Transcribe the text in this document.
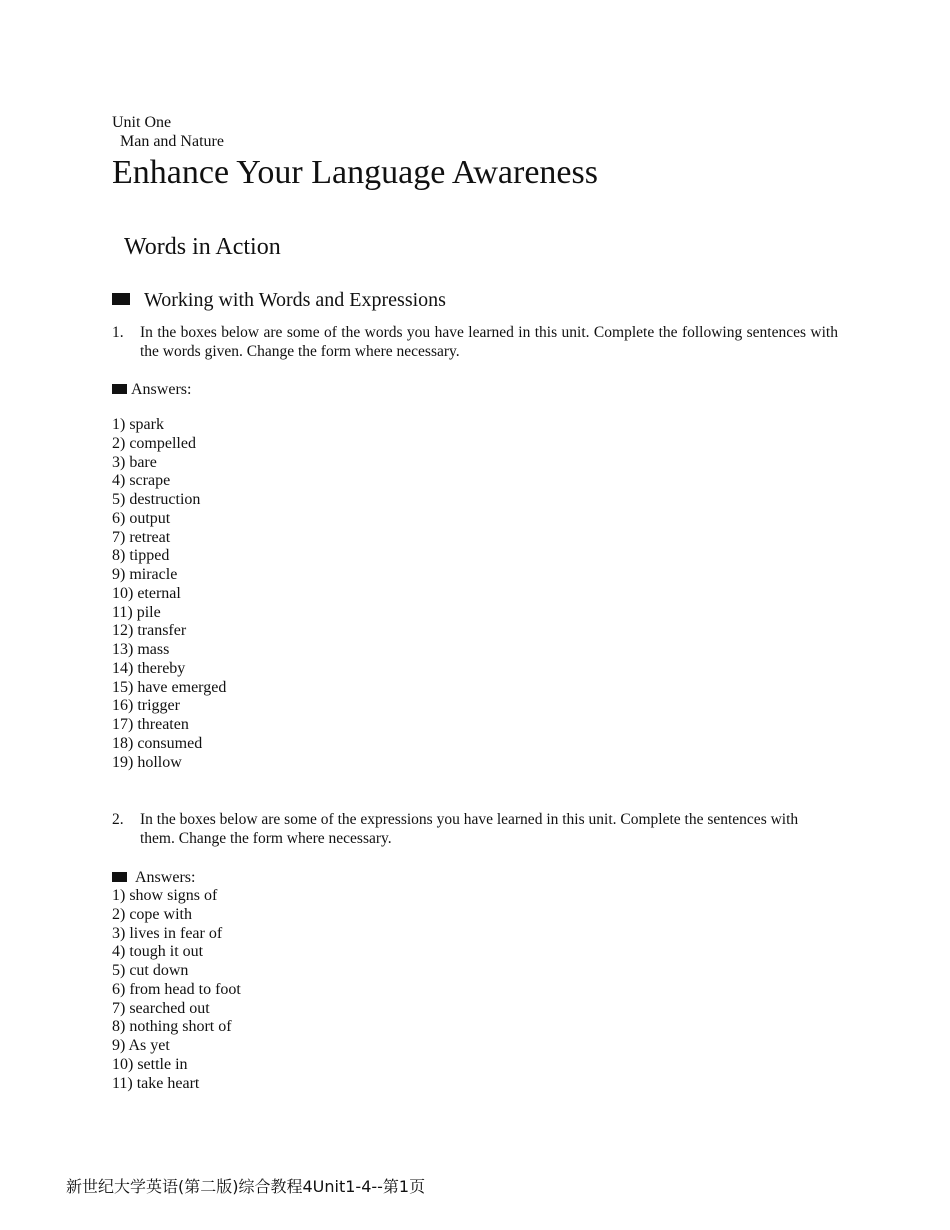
Unit One
Man and Nature
Enhance Your Language Awareness
Words in Action
Working with Words and Expressions
1. In the boxes below are some of the words you have learned in this unit. Complete the following sentences with the words given. Change the form where necessary.
Answers:
1) spark
2) compelled
3) bare
4) scrape
5) destruction
6) output
7) retreat
8) tipped
9) miracle
10) eternal
11) pile
12) transfer
13) mass
14) thereby
15) have emerged
16) trigger
17) threaten
18) consumed
19) hollow
2. In the boxes below are some of the expressions you have learned in this unit. Complete the sentences with them. Change the form where necessary.
Answers:
1) show signs of
2) cope with
3) lives in fear of
4) tough it out
5) cut down
6) from head to foot
7) searched out
8) nothing short of
9) As yet
10) settle in
11) take heart
新世纪大学英语(第二版)综合教程4Unit1-4--第1页
